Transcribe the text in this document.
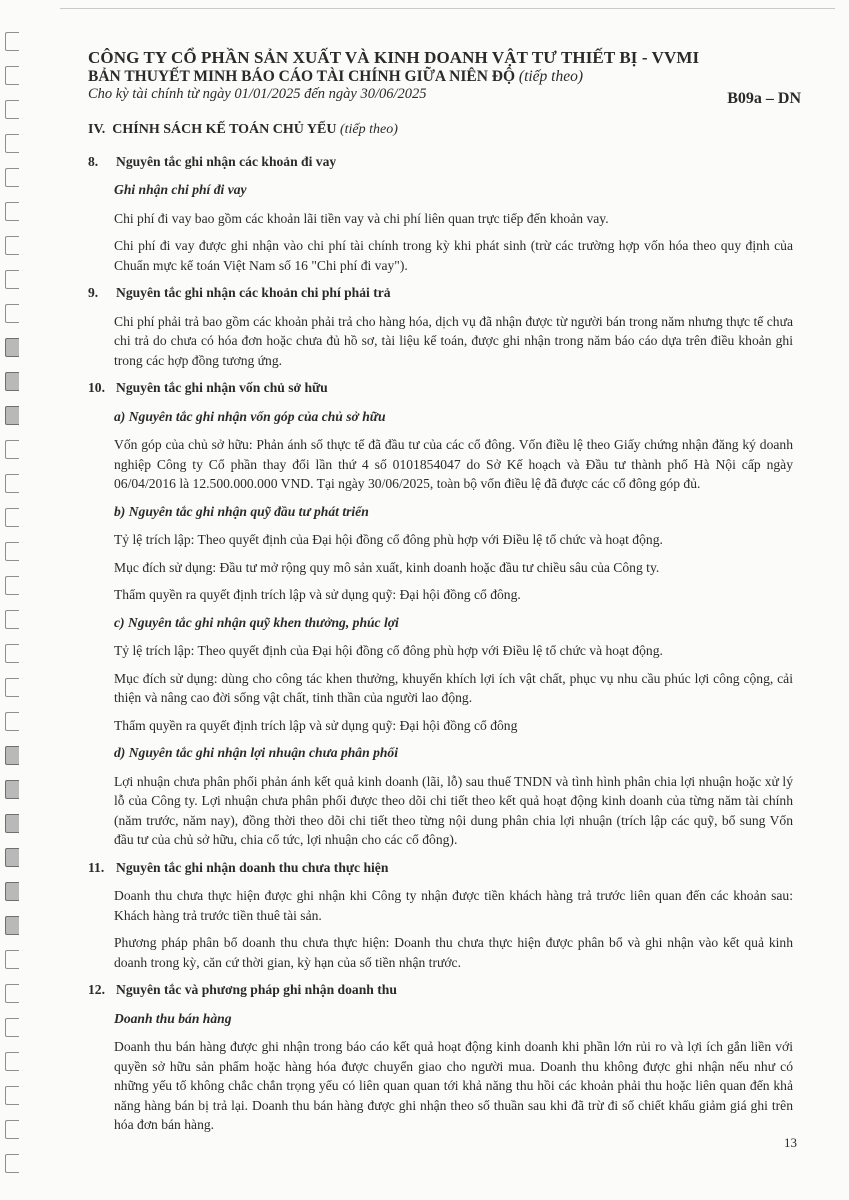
CÔNG TY CỔ PHẦN SẢN XUẤT VÀ KINH DOANH VẬT TƯ THIẾT BỊ - VVMI
BẢN THUYẾT MINH BÁO CÁO TÀI CHÍNH GIỮA NIÊN ĐỘ (tiếp theo)
Cho kỳ tài chính từ ngày 01/01/2025 đến ngày 30/06/2025	B09a – DN
IV. CHÍNH SÁCH KẾ TOÁN CHỦ YẾU (tiếp theo)
8. Nguyên tắc ghi nhận các khoản đi vay
Ghi nhận chi phí đi vay

Chi phí đi vay bao gồm các khoản lãi tiền vay và chi phí liên quan trực tiếp đến khoản vay.

Chi phí đi vay được ghi nhận vào chi phí tài chính trong kỳ khi phát sinh (trừ các trường hợp vốn hóa theo quy định của Chuẩn mực kế toán Việt Nam số 16 "Chi phí đi vay").

9. Nguyên tắc ghi nhận các khoản chi phí phải trả

Chi phí phải trả bao gồm các khoản phải trả cho hàng hóa, dịch vụ đã nhận được từ người bán trong năm nhưng thực tế chưa chi trả do chưa có hóa đơn hoặc chưa đủ hồ sơ, tài liệu kế toán, được ghi nhận trong năm báo cáo dựa trên điều khoản ghi trong các hợp đồng tương ứng.

10. Nguyên tắc ghi nhận vốn chủ sở hữu
a) Nguyên tắc ghi nhận vốn góp của chủ sở hữu

Vốn góp của chủ sở hữu: Phản ánh số thực tế đã đầu tư của các cổ đông. Vốn điều lệ theo Giấy chứng nhận đăng ký doanh nghiệp Công ty Cổ phần thay đổi lần thứ 4 số 0101854047 do Sở Kế hoạch và Đầu tư thành phố Hà Nội cấp ngày 06/04/2016 là 12.500.000.000 VND. Tại ngày 30/06/2025, toàn bộ vốn điều lệ đã được các cổ đông góp đủ.

b) Nguyên tắc ghi nhận quỹ đầu tư phát triển

Tỷ lệ trích lập: Theo quyết định của Đại hội đồng cổ đông phù hợp với Điều lệ tổ chức và hoạt động.

Mục đích sử dụng: Đầu tư mở rộng quy mô sản xuất, kinh doanh hoặc đầu tư chiều sâu của Công ty.

Thẩm quyền ra quyết định trích lập và sử dụng quỹ: Đại hội đồng cổ đông.

c) Nguyên tắc ghi nhận quỹ khen thưởng, phúc lợi

Tỷ lệ trích lập: Theo quyết định của Đại hội đồng cổ đông phù hợp với Điều lệ tổ chức và hoạt động.

Mục đích sử dụng: dùng cho công tác khen thưởng, khuyến khích lợi ích vật chất, phục vụ nhu cầu phúc lợi công cộng, cải thiện và nâng cao đời sống vật chất, tinh thần của người lao động.

Thẩm quyền ra quyết định trích lập và sử dụng quỹ: Đại hội đồng cổ đông

d) Nguyên tắc ghi nhận lợi nhuận chưa phân phối

Lợi nhuận chưa phân phối phản ánh kết quả kinh doanh (lãi, lỗ) sau thuế TNDN và tình hình phân chia lợi nhuận hoặc xử lý lỗ của Công ty. Lợi nhuận chưa phân phối được theo dõi chi tiết theo kết quả hoạt động kinh doanh của từng năm tài chính (năm trước, năm nay), đồng thời theo dõi chi tiết theo từng nội dung phân chia lợi nhuận (trích lập các quỹ, bổ sung Vốn đầu tư của chủ sở hữu, chia cổ tức, lợi nhuận cho các cổ đông).

11. Nguyên tắc ghi nhận doanh thu chưa thực hiện

Doanh thu chưa thực hiện được ghi nhận khi Công ty nhận được tiền khách hàng trả trước liên quan đến các khoản sau: Khách hàng trả trước tiền thuê tài sản.

Phương pháp phân bổ doanh thu chưa thực hiện: Doanh thu chưa thực hiện được phân bổ và ghi nhận vào kết quả kinh doanh trong kỳ, căn cứ thời gian, kỳ hạn của số tiền nhận trước.

12. Nguyên tắc và phương pháp ghi nhận doanh thu
Doanh thu bán hàng

Doanh thu bán hàng được ghi nhận trong báo cáo kết quả hoạt động kinh doanh khi phần lớn rủi ro và lợi ích gắn liền với quyền sở hữu sản phẩm hoặc hàng hóa được chuyển giao cho người mua. Doanh thu không được ghi nhận nếu như có những yếu tố không chắc chắn trọng yếu có liên quan quan tới khả năng thu hồi các khoản phải thu hoặc liên quan đến khả năng hàng bán bị trả lại. Doanh thu bán hàng được ghi nhận theo số thuần sau khi đã trừ đi số chiết khấu giảm giá ghi trên hóa đơn bán hàng.

13
